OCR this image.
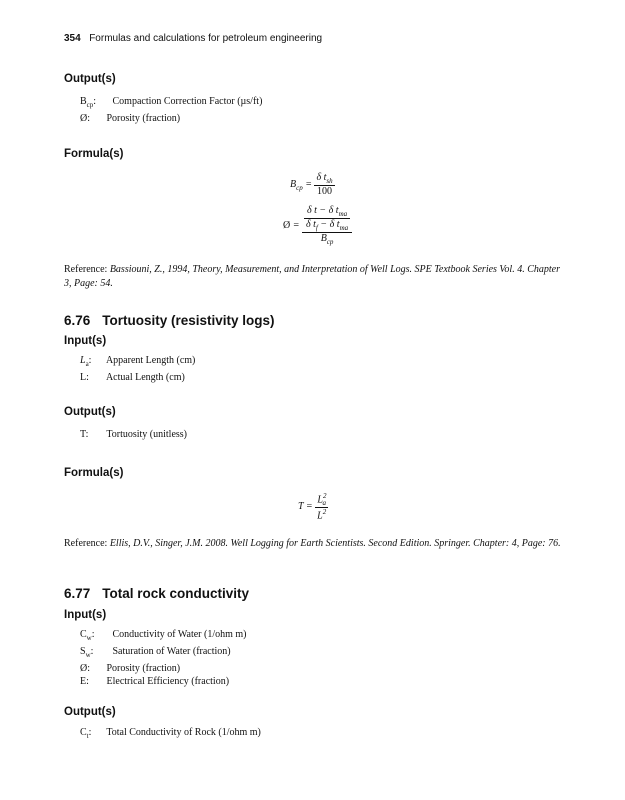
354 Formulas and calculations for petroleum engineering
Output(s)
$B_{cp}$: Compaction Correction Factor (µs/ft)
Ø: Porosity (fraction)
Formula(s)
$B_{cp} = \frac{\delta t_{sh}}{100}$
Ø = $\frac{\frac{\delta t - \delta t_{ma}}{\delta t_f - \delta t_{ma}}}{B_{cp}}$
Reference: Bassiouni, Z., 1994, Theory, Measurement, and Interpretation of Well Logs. SPE Textbook Series Vol. 4. Chapter 3, Page: 54.
6.76 Tortuosity (resistivity logs)
Input(s)
$L_a$: Apparent Length (cm)
L: Actual Length (cm)
Output(s)
T: Tortuosity (unitless)
Formula(s)
$T = \frac{L^2_a}{L^2}$
Reference: Ellis, D.V., Singer, J.M. 2008. Well Logging for Earth Scientists. Second Edition. Springer. Chapter: 4, Page: 76.
6.77 Total rock conductivity
Input(s)
$C_w$: Conductivity of Water (1/ohm m)
$S_w$: Saturation of Water (fraction)
Ø: Porosity (fraction)
E: Electrical Efficiency (fraction)
Output(s)
$C_t$: Total Conductivity of Rock (1/ohm m)
